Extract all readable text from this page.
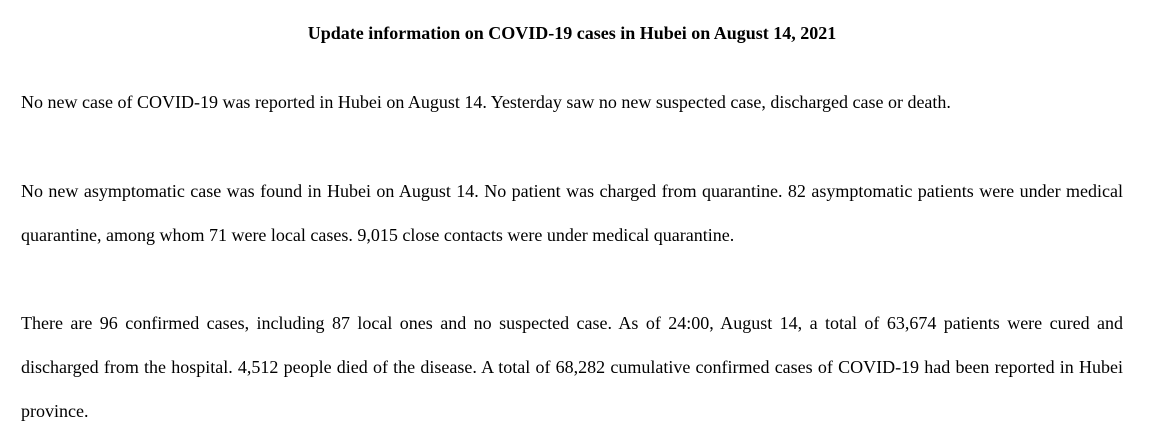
Update information on COVID-19 cases in Hubei on August 14, 2021

No new case of COVID-19 was reported in Hubei on August 14. Yesterday saw no new suspected case, discharged case or death.

No new asymptomatic case was found in Hubei on August 14. No patient was charged from quarantine. 82 asymptomatic patients were under medical quarantine, among whom 71 were local cases. 9,015 close contacts were under medical quarantine.

There are 96 confirmed cases, including 87 local ones and no suspected case. As of 24:00, August 14, a total of 63,674 patients were cured and discharged from the hospital. 4,512 people died of the disease. A total of 68,282 cumulative confirmed cases of COVID-19 had been reported in Hubei province.
